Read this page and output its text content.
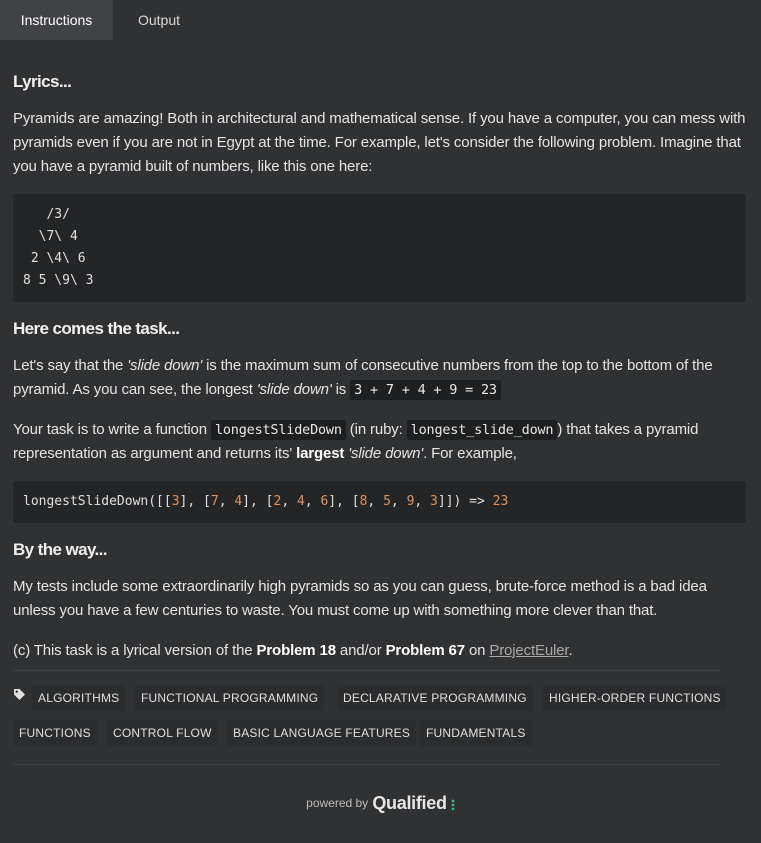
Instructions	Output
Lyrics...

Pyramids are amazing! Both in architectural and mathematical sense. If you have a computer, you can mess with pyramids even if you are not in Egypt at the time. For example, let's consider the following problem. Imagine that you have a pyramid built of numbers, like this one here:

/3/
\7\ 4
2 \4\ 6
8 5 \9\ 3
Here comes the task...

Let's say that the 'slide down' is the maximum sum of consecutive numbers from the top to the bottom of the pyramid. As you can see, the longest 'slide down' is 3 + 7 + 4 + 9 = 23

Your task is to write a function longestSlideDown (in ruby: longest_slide_down ) that takes a pyramid representation as argument and returns its' largest 'slide down'. For example,

longestSlideDown([[3], [7, 4], [2, 4, 6], [8, 5, 9, 3]]) => 23
By the way...

My tests include some extraordinarily high pyramids so as you can guess, brute-force method is a bad idea unless you have a few centuries to waste. You must come up with something more clever than that.

(c) This task is a lyrical version of the Problem 18 and/or Problem 67 on ProjectEuler.

ALGORITHMS	FUNCTIONAL PROGRAMMING	DECLARATIVE PROGRAMMING	HIGHER-ORDER FUNCTIONS
FUNCTIONS	CONTROL FLOW	BASIC LANGUAGE FEATURES	FUNDAMENTALS
powered by Qualified
